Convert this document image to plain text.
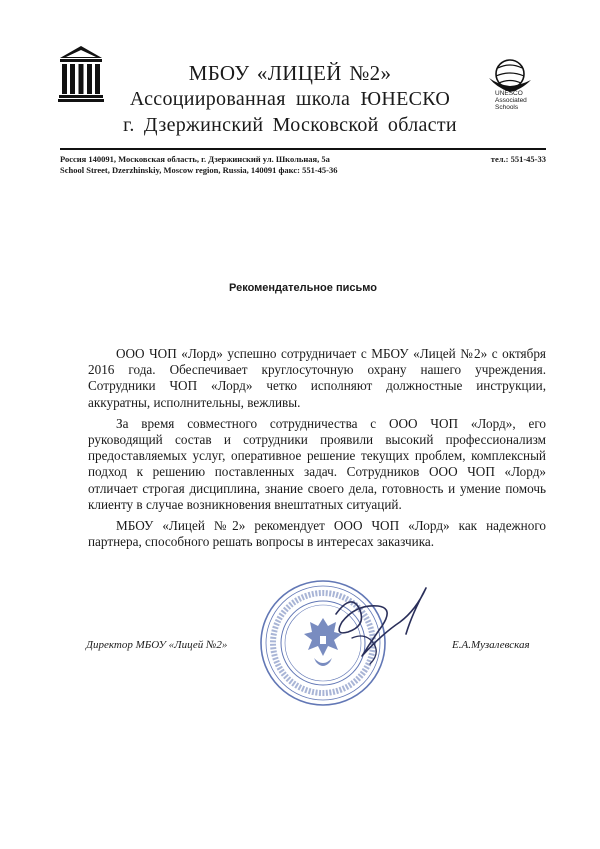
МБОУ «ЛИЦЕЙ №2»
Ассоциированная школа ЮНЕСКО
г. Дзержинский Московской области
UNESCO
Associated
Schools
Россия 140091, Московская область, г. Дзержинский ул. Школьная, 5а	тел.: 551-45-33
School Street, Dzerzhinskiy, Moscow region, Russia, 140091 факс: 551-45-36
Рекомендательное письмо

ООО ЧОП «Лорд» успешно сотрудничает с МБОУ «Лицей №2» с октября 2016 года. Обеспечивает круглосуточную охрану нашего учреждения. Сотрудники ЧОП «Лорд» четко исполняют должностные инструкции, аккуратны, исполнительны, вежливы.

За время совместного сотрудничества с ООО ЧОП «Лорд», его руководящий состав и сотрудники проявили высокий профессионализм предоставляемых услуг, оперативное решение текущих проблем, комплексный подход к решению поставленных задач. Сотрудников ООО ЧОП «Лорд» отличает строгая дисциплина, знание своего дела, готовность и умение помочь клиенту в случае возникновения внештатных ситуаций.

МБОУ «Лицей №2» рекомендует ООО ЧОП «Лорд» как надежного партнера, способного решать вопросы в интересах заказчика.

Директор МБОУ «Лицей №2»	Е.А.Музалевская
